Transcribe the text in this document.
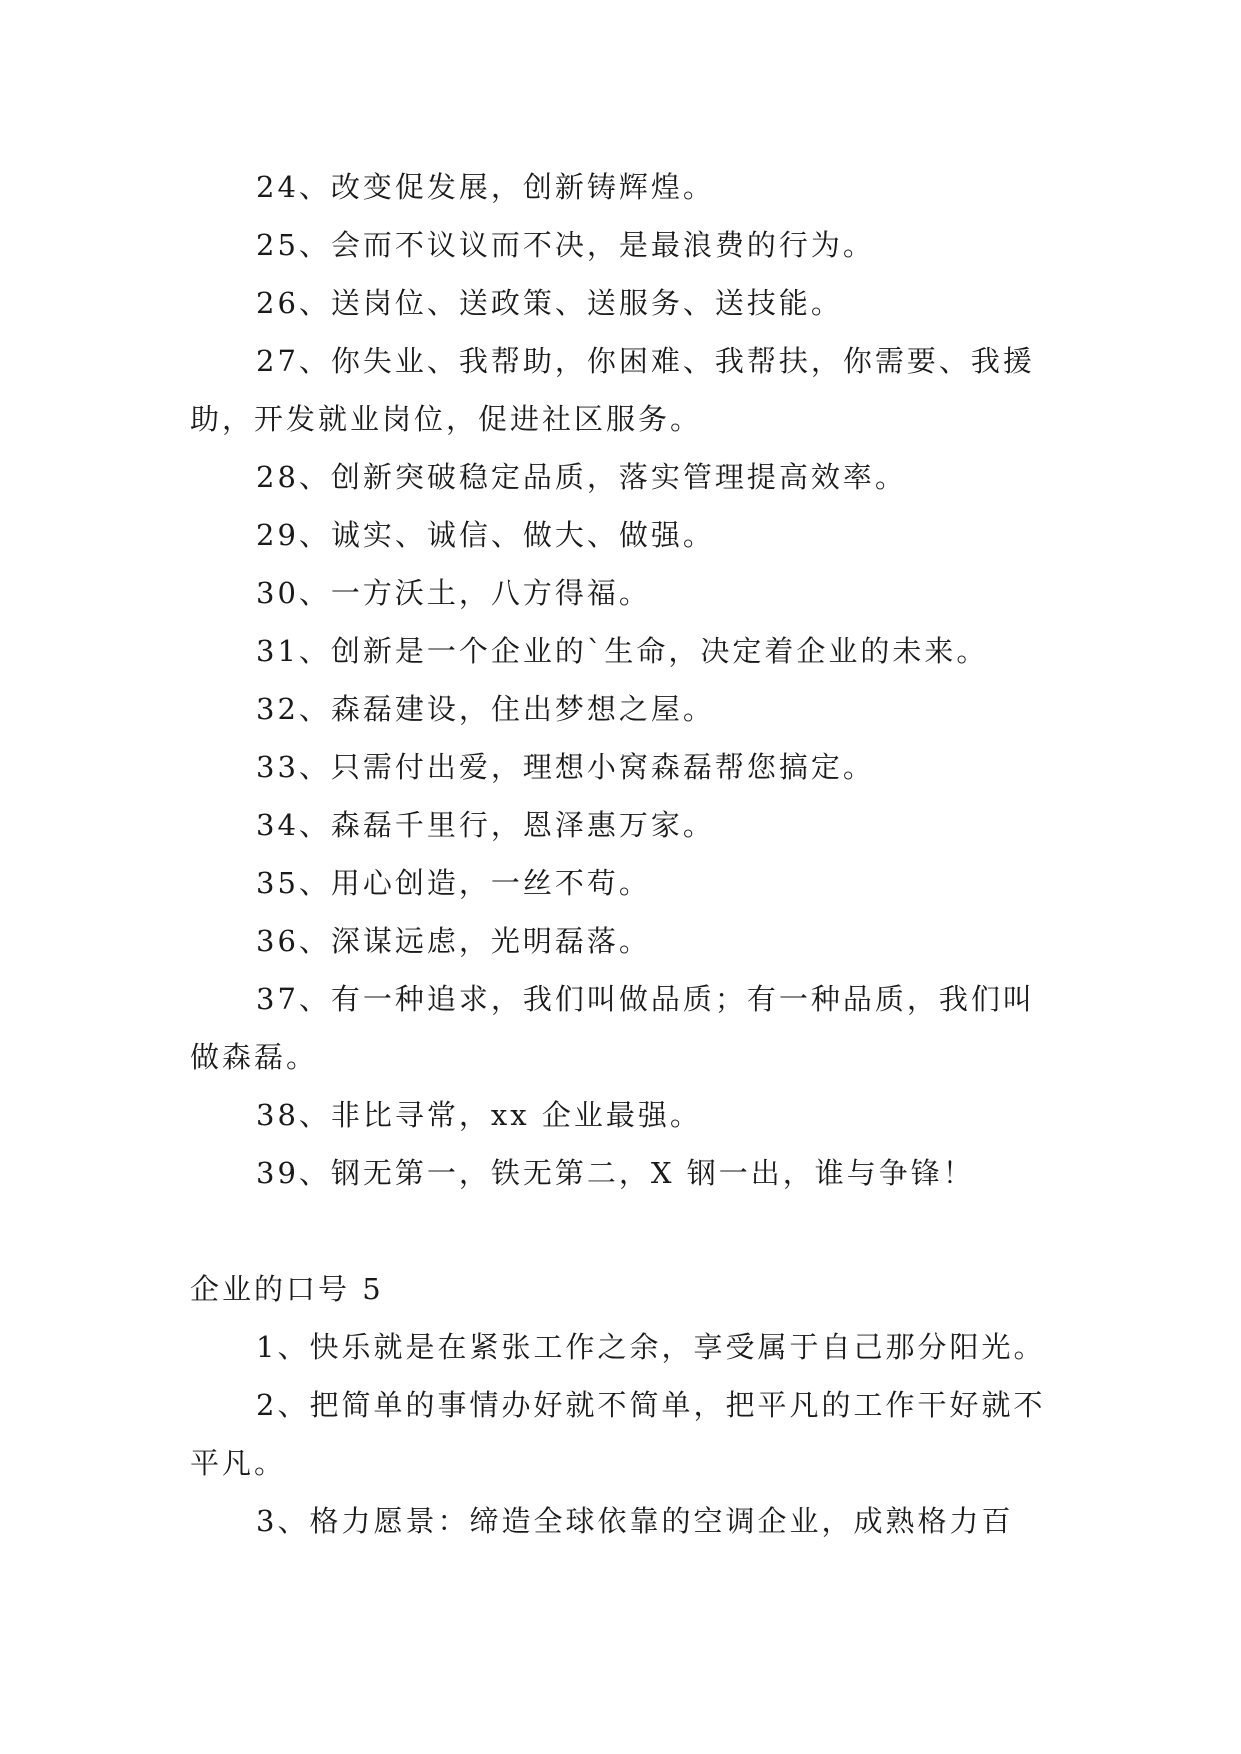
24、改变促发展，创新铸辉煌。

25、会而不议议而不决，是最浪费的行为。

26、送岗位、送政策、送服务、送技能。

27、你失业、我帮助，你困难、我帮扶，你需要、我援助，开发就业岗位，促进社区服务。

28、创新突破稳定品质，落实管理提高效率。

29、诚实、诚信、做大、做强。

30、一方沃土，八方得福。

31、创新是一个企业的`生命，决定着企业的未来。

32、森磊建设，住出梦想之屋。

33、只需付出爱，理想小窝森磊帮您搞定。

34、森磊千里行，恩泽惠万家。

35、用心创造，一丝不苟。

36、深谋远虑，光明磊落。

37、有一种追求，我们叫做品质；有一种品质，我们叫做森磊。

38、非比寻常，xx 企业最强。

39、钢无第一，铁无第二，X 钢一出，谁与争锋！

企业的口号 5

1、快乐就是在紧张工作之余，享受属于自己那分阳光。

2、把简单的事情办好就不简单，把平凡的工作干好就不平凡。

3、格力愿景：缔造全球依靠的空调企业，成熟格力百
